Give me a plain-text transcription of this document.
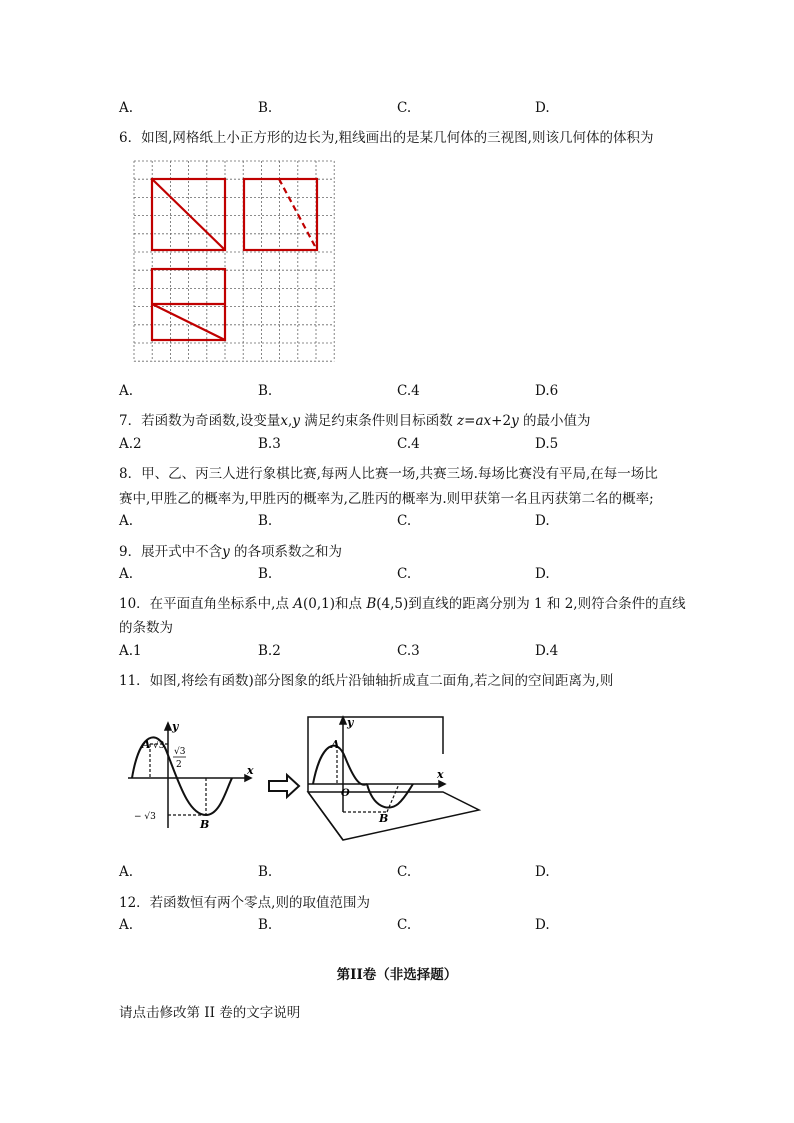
A.	B.	C.	D.
6．如图,网格纸上小正方形的边长为,粗线画出的是某几何体的三视图,则该几何体的体积为
A.	B.	C.4	D.6
7．若函数为奇函数,设变量x,y 满足约束条件则目标函数 z=ax+2y 的最小值为
A.2	B.3	C.4	D.5
8．甲、乙、丙三人进行象棋比赛,每两人比赛一场,共赛三场.每场比赛没有平局,在每一场比
赛中,甲胜乙的概率为,甲胜丙的概率为,乙胜丙的概率为.则甲获第一名且丙获第二名的概率;
A.	B.	C.	D.
9．展开式中不含y 的各项系数之和为
A.	B.	C.	D.
10．在平面直角坐标系中,点 A(0,1)和点 B(4,5)到直线的距离分别为 1 和 2,则符合条件的直线
的条数为
A.1	B.2	C.3	D.4
11．如图,将绘有函数)部分图象的纸片沿铀轴折成直二面角,若之间的空间距离为,则
y
x
A √3
√3
2
− √3
B
y
x
A
O
B
A.	B.	C.	D.
12．若函数恒有两个零点,则的取值范围为
A.	B.	C.	D.
第II卷（非选择题）
请点击修改第 II 卷的文字说明
